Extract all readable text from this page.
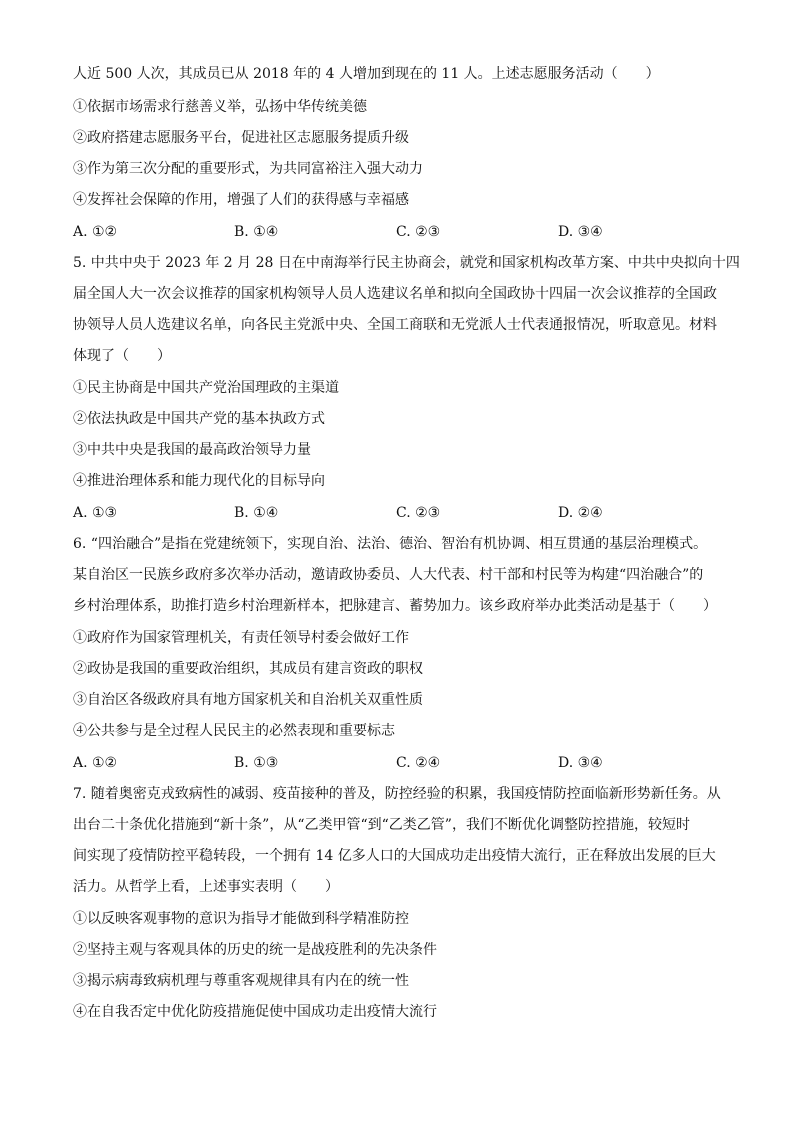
人近 500 人次，其成员已从 2018 年的 4 人增加到现在的 11 人。上述志愿服务活动（　　）
①依据市场需求行慈善义举，弘扬中华传统美德
②政府搭建志愿服务平台，促进社区志愿服务提质升级
③作为第三次分配的重要形式，为共同富裕注入强大动力
④发挥社会保障的作用，增强了人们的获得感与幸福感
A. ①②	B. ①④	C. ②③	D. ③④
5. 中共中央于 2023 年 2 月 28 日在中南海举行民主协商会，就党和国家机构改革方案、中共中央拟向十四
届全国人大一次会议推荐的国家机构领导人员人选建议名单和拟向全国政协十四届一次会议推荐的全国政
协领导人员人选建议名单，向各民主党派中央、全国工商联和无党派人士代表通报情况，听取意见。材料
体现了（　　）
①民主协商是中国共产党治国理政的主渠道
②依法执政是中国共产党的基本执政方式
③中共中央是我国的最高政治领导力量
④推进治理体系和能力现代化的目标导向
A. ①③	B. ①④	C. ②③	D. ②④
6. “四治融合”是指在党建统领下，实现自治、法治、德治、智治有机协调、相互贯通的基层治理模式。
某自治区一民族乡政府多次举办活动，邀请政协委员、人大代表、村干部和村民等为构建“四治融合”的
乡村治理体系，助推打造乡村治理新样本，把脉建言、蓄势加力。该乡政府举办此类活动是基于（　　）
①政府作为国家管理机关，有责任领导村委会做好工作
②政协是我国的重要政治组织，其成员有建言资政的职权
③自治区各级政府具有地方国家机关和自治机关双重性质
④公共参与是全过程人民民主的必然表现和重要标志
A. ①②	B. ①③	C. ②④	D. ③④
7. 随着奥密克戎致病性的减弱、疫苗接种的普及，防控经验的积累，我国疫情防控面临新形势新任务。从
出台二十条优化措施到“新十条”，从“乙类甲管“到“乙类乙管”，我们不断优化调整防控措施，较短时
间实现了疫情防控平稳转段，一个拥有 14 亿多人口的大国成功走出疫情大流行，正在释放出发展的巨大
活力。从哲学上看，上述事实表明（　　）
①以反映客观事物的意识为指导才能做到科学精准防控
②坚持主观与客观具体的历史的统一是战疫胜利的先决条件
③揭示病毒致病机理与尊重客观规律具有内在的统一性
④在自我否定中优化防疫措施促使中国成功走出疫情大流行
